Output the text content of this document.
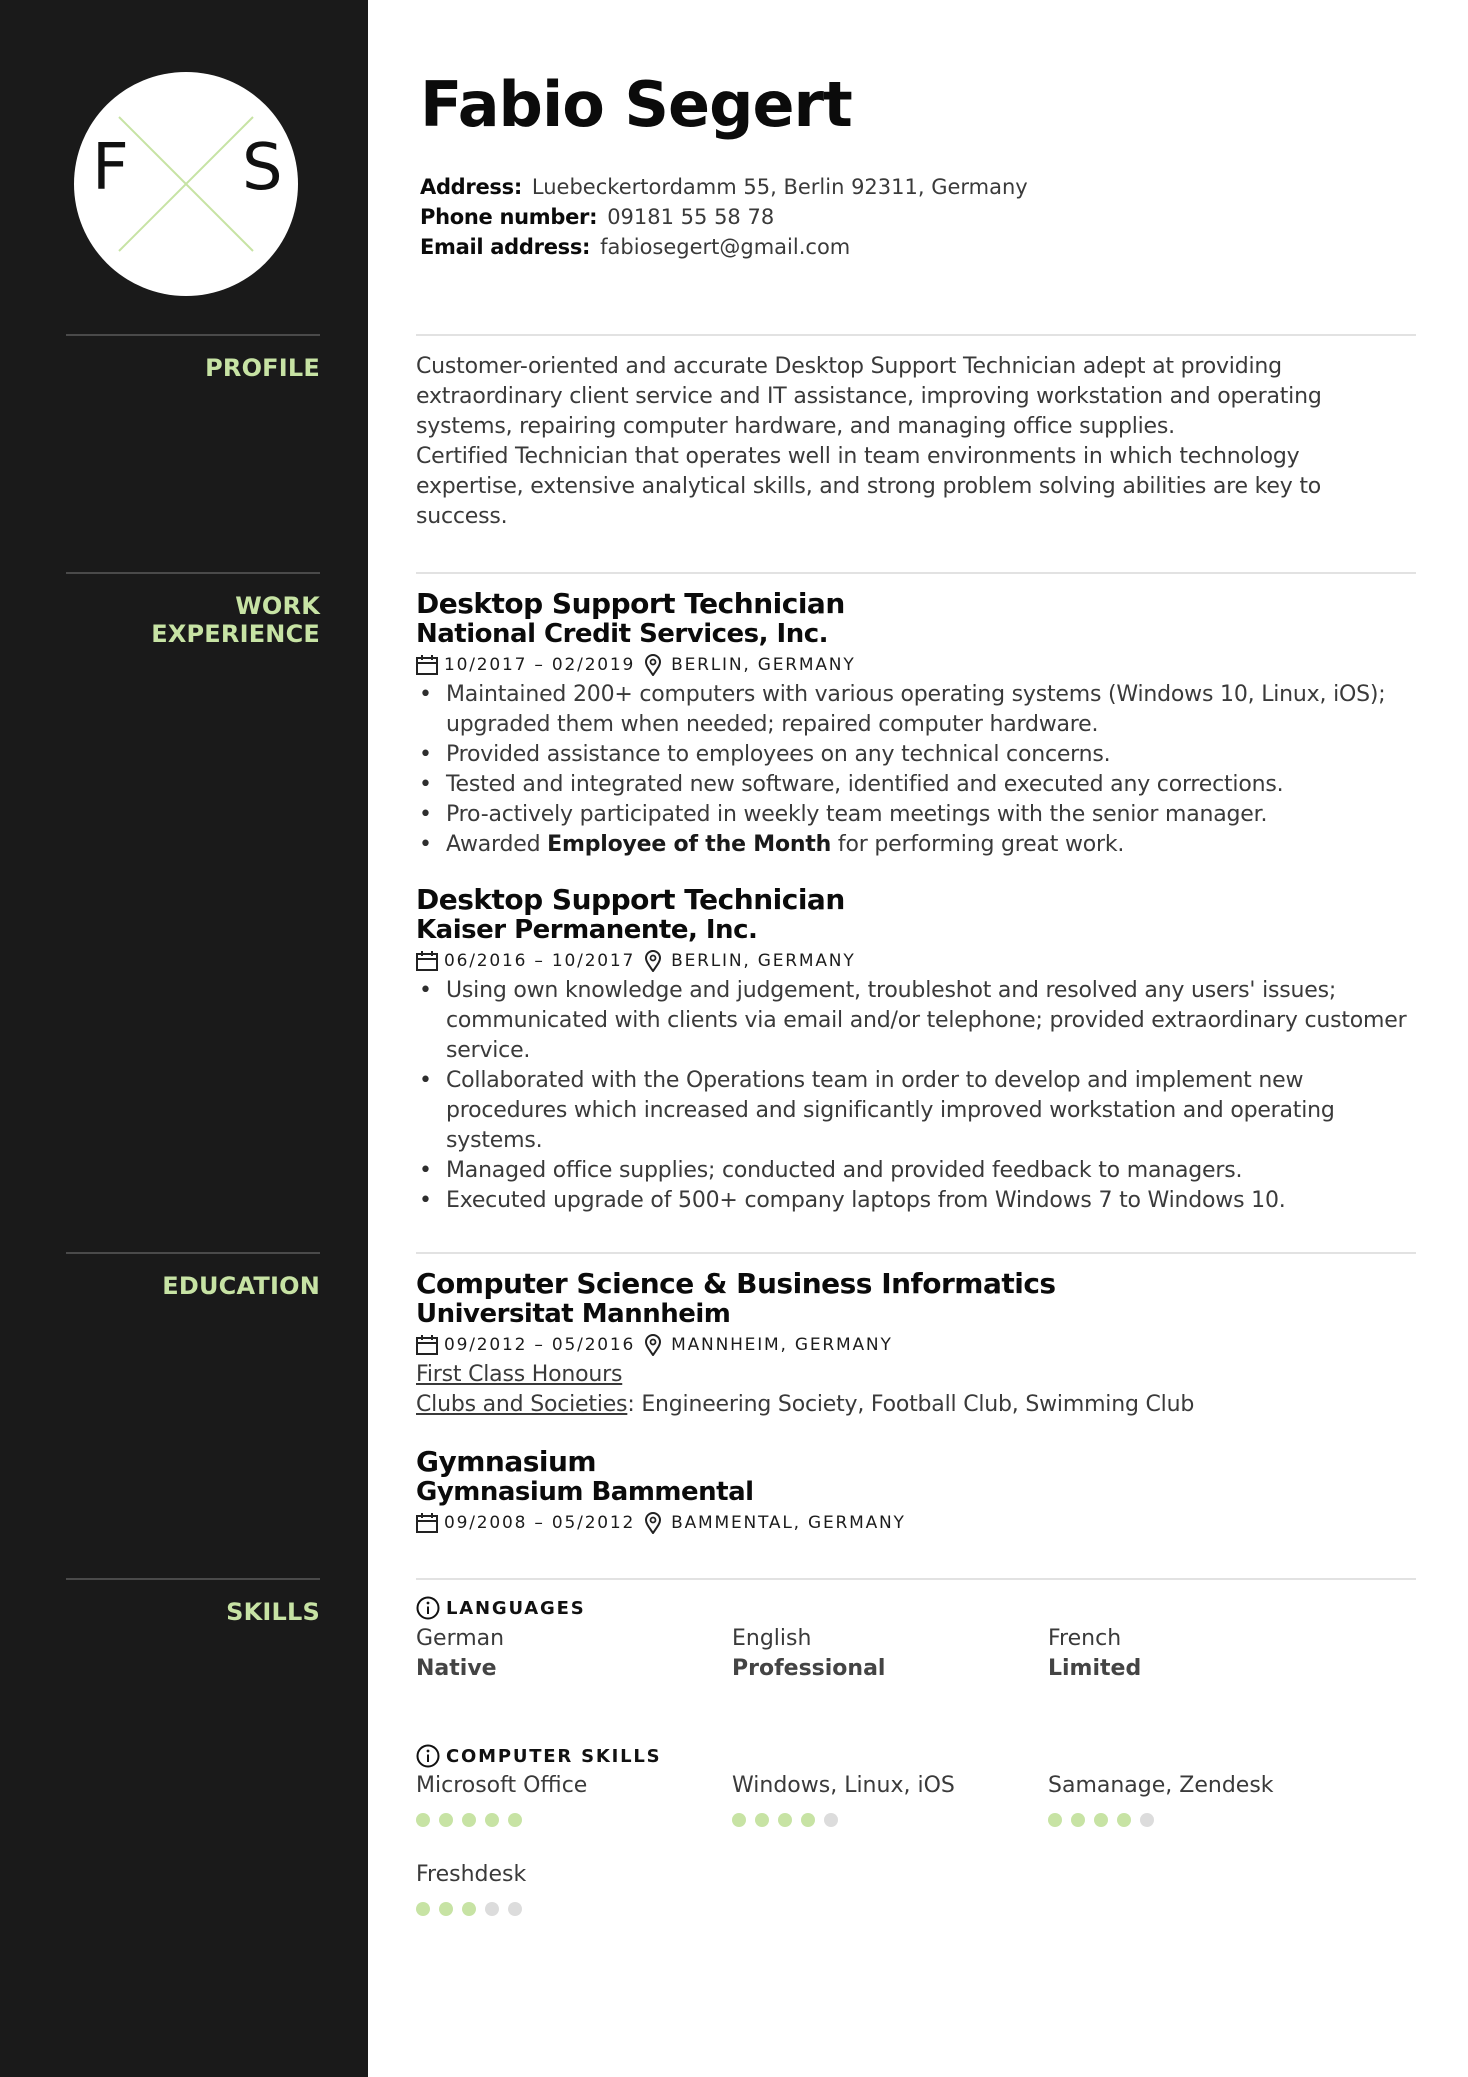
F S
PROFILE
WORK EXPERIENCE
EDUCATION
SKILLS
Fabio Segert
Address: Luebeckertordamm 55, Berlin 92311, Germany
Phone number: 09181 55 58 78
Email address: fabiosegert@gmail.com
Customer-oriented and accurate Desktop Support Technician adept at providing extraordinary client service and IT assistance, improving workstation and operating systems, repairing computer hardware, and managing office supplies.
Certified Technician that operates well in team environments in which technology expertise, extensive analytical skills, and strong problem solving abilities are key to success.
Desktop Support Technician
National Credit Services, Inc.
10/2017 – 02/2019 BERLIN, GERMANY
• Maintained 200+ computers with various operating systems (Windows 10, Linux, iOS); upgraded them when needed; repaired computer hardware.
• Provided assistance to employees on any technical concerns.
• Tested and integrated new software, identified and executed any corrections.
• Pro-actively participated in weekly team meetings with the senior manager.
• Awarded Employee of the Month for performing great work.
Desktop Support Technician
Kaiser Permanente, Inc.
06/2016 – 10/2017 BERLIN, GERMANY
• Using own knowledge and judgement, troubleshot and resolved any users' issues; communicated with clients via email and/or telephone; provided extraordinary customer service.
• Collaborated with the Operations team in order to develop and implement new procedures which increased and significantly improved workstation and operating systems.
• Managed office supplies; conducted and provided feedback to managers.
• Executed upgrade of 500+ company laptops from Windows 7 to Windows 10.
Computer Science & Business Informatics
Universitat Mannheim
09/2012 – 05/2016 MANNHEIM, GERMANY
First Class Honours
Clubs and Societies: Engineering Society, Football Club, Swimming Club
Gymnasium
Gymnasium Bammental
09/2008 – 05/2012 BAMMENTAL, GERMANY
LANGUAGES
German
Native
English
Professional
French
Limited
COMPUTER SKILLS
Microsoft Office	Windows, Linux, iOS	Samanage, Zendesk
Freshdesk
